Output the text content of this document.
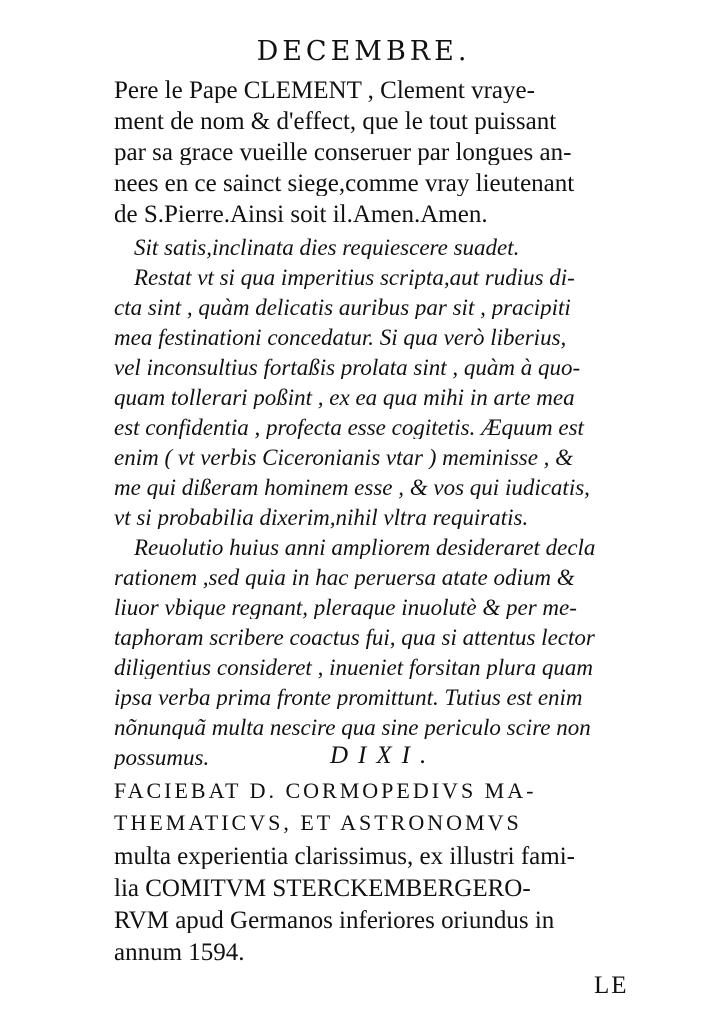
DECEMBRE.
Pere le Pape CLEMENT , Clement vraye-
ment de nom & d'effect, que le tout puissant
par sa grace vueille conseruer par longues an-
nees en ce sainct siege,comme vray lieutenant
de S.Pierre.Ainsi soit il.Amen.Amen.
Sit satis,inclinata dies requiescere suadet.
Restat vt si qua imperitius scripta,aut rudius di-
cta sint , quàm delicatis auribus par sit , pracipiti
mea festinationi concedatur. Si qua verò liberius,
vel inconsultius fortaßis prolata sint , quàm à quo-
quam tollerari poßint , ex ea qua mihi in arte mea
est confidentia , profecta esse cogitetis. Æquum est
enim ( vt verbis Ciceronianis vtar ) meminisse , &
me qui dißeram hominem esse , & vos qui iudicatis,
vt si probabilia dixerim,nihil vltra requiratis.
Reuolutio huius anni ampliorem desideraret decla
rationem ,sed quia in hac peruersa atate odium &
liuor vbique regnant, pleraque inuolutè & per me-
taphoram scribere coactus fui, qua si attentus lector
diligentius consideret , inueniet forsitan plura quam
ipsa verba prima fronte promittunt. Tutius est enim
nõnunquã multa nescire qua sine periculo scire non
possumus.	DIXI.
FACIEBAT D. CORMOPEDIVS MA-
THEMATICVS, ET ASTRONOMVS
multa experientia clarissimus, ex illustri fami-
lia COMITVM STERCKEMBERGERO-
RVM apud Germanos inferiores oriundus in
annum 1594.
LE
